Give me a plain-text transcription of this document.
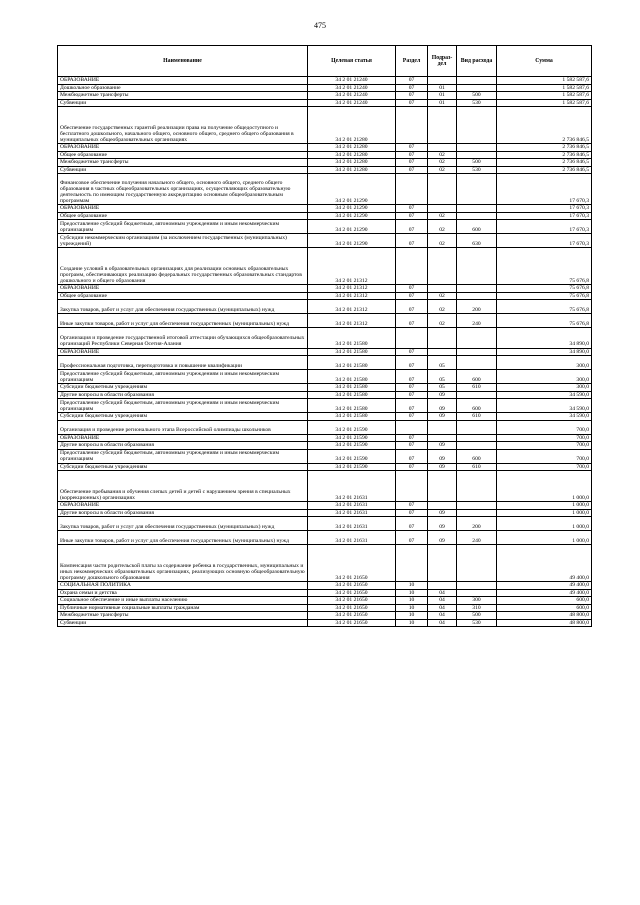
475
Наименование	Целевая статья	Раздел	Подраз-дел	Вид расхода	Сумма
ОБРАЗОВАНИЕ	34 2 01 21240	07			1 582 587,6
Дошкольное образование	34 2 01 21240	07	01		1 582 587,6
Межбюджетные трансферты	34 2 01 21240	07	01	500	1 582 587,6
Субвенции	34 2 01 21240	07	01	530	1 582 587,6
Обеспечение государственных гарантий реализации права на получение общедоступного и бесплатного дошкольного, начального общего, основного общего, среднего общего образования в муниципальных общеобразовательных организациях	34 2 01 21280				2 736 846,5
ОБРАЗОВАНИЕ	34 2 01 21280	07			2 736 846,5
Общее образование	34 2 01 21280	07	02		2 736 846,5
Межбюджетные трансферты	34 2 01 21280	07	02	500	2 736 846,5
Субвенции	34 2 01 21280	07	02	530	2 736 846,5
Финансовое обеспечение получения начального общего, основного общего, среднего общего образования в частных общеобразовательных организациях, осуществляющих образовательную деятельность по имеющим государственную аккредитацию основным общеобразовательным программам	34 2 01 21290				17 670,3
ОБРАЗОВАНИЕ	34 2 01 21290	07			17 670,3
Общее образование	34 2 01 21290	07	02		17 670,3
Предоставление субсидий бюджетным, автономным учреждениям и иным некоммерческим организациям	34 2 01 21290	07	02	600	17 670,3
Субсидии некоммерческим организациям (за исключением государственных (муниципальных) учреждений)	34 2 01 21290	07	02	630	17 670,3
Создание условий в образовательных организациях для реализации основных образовательных программ, обеспечивающих реализацию федеральных государственных образовательных стандартов дошкольного и общего образования	34 2 01 21312				75 676,8
ОБРАЗОВАНИЕ	34 2 01 21312	07			75 676,8
Общее образование	34 2 01 21312	07	02		75 676,8
Закупка товаров, работ и услуг для обеспечения государственных (муниципальных) нужд	34 2 01 21312	07	02	200	75 676,8
Иные закупки товаров, работ и услуг для обеспечения государственных (муниципальных) нужд	34 2 01 21312	07	02	240	75 676,8
Организация и проведение государственной итоговой аттестации обучающихся общеобразовательных организаций Республики Северная Осетия-Алания	34 2 01 21580				34 890,0
ОБРАЗОВАНИЕ	34 2 01 21580	07			34 890,0
Профессиональная подготовка, переподготовка и повышение квалификации	34 2 01 21580	07	05		300,0
Предоставление субсидий бюджетным, автономным учреждениям и иным некоммерческим организациям	34 2 01 21580	07	05	600	300,0
Субсидии бюджетным учреждениям	34 2 01 21580	07	05	610	300,0
Другие вопросы в области образования	34 2 01 21580	07	09		34 590,0
Предоставление субсидий бюджетным, автономным учреждениям и иным некоммерческим организациям	34 2 01 21580	07	09	600	34 590,0
Субсидии бюджетным учреждениям	34 2 01 21580	07	09	610	34 590,0
Организация и проведение регионального этапа Всероссийской олимпиады школьников	34 2 01 21590				700,0
ОБРАЗОВАНИЕ	34 2 01 21590	07			700,0
Другие вопросы в области образования	34 2 01 21590	07	09		700,0
Предоставление субсидий бюджетным, автономным учреждениям и иным некоммерческим организациям	34 2 01 21590	07	09	600	700,0
Субсидии бюджетным учреждениям	34 2 01 21590	07	09	610	700,0
Обеспечение пребывания и обучения слепых детей и детей с нарушением зрения в специальных (коррекционных) организациях	34 2 01 21631				1 000,0
ОБРАЗОВАНИЕ	34 2 01 21631	07			1 000,0
Другие вопросы в области образования	34 2 01 21631	07	09		1 000,0
Закупка товаров, работ и услуг для обеспечения государственных (муниципальных) нужд	34 2 01 21631	07	09	200	1 000,0
Иные закупки товаров, работ и услуг для обеспечения государственных (муниципальных) нужд	34 2 01 21631	07	09	240	1 000,0
Компенсация части родительской платы за содержание ребенка в государственных, муниципальных и иных некоммерческих образовательных организациях, реализующих основную общеобразовательную программу дошкольного образования	34 2 01 21650				49 400,0
СОЦИАЛЬНАЯ ПОЛИТИКА	34 2 01 21650	10			49 400,0
Охрана семьи и детства	34 2 01 21650	10	04		49 400,0
Социальное обеспечение и иные выплаты населению	34 2 01 21650	10	04	300	600,0
Публичные нормативные социальные выплаты гражданам	34 2 01 21650	10	04	310	600,0
Межбюджетные трансферты	34 2 01 21650	10	04	500	48 800,0
Субвенции	34 2 01 21650	10	04	530	48 800,0
